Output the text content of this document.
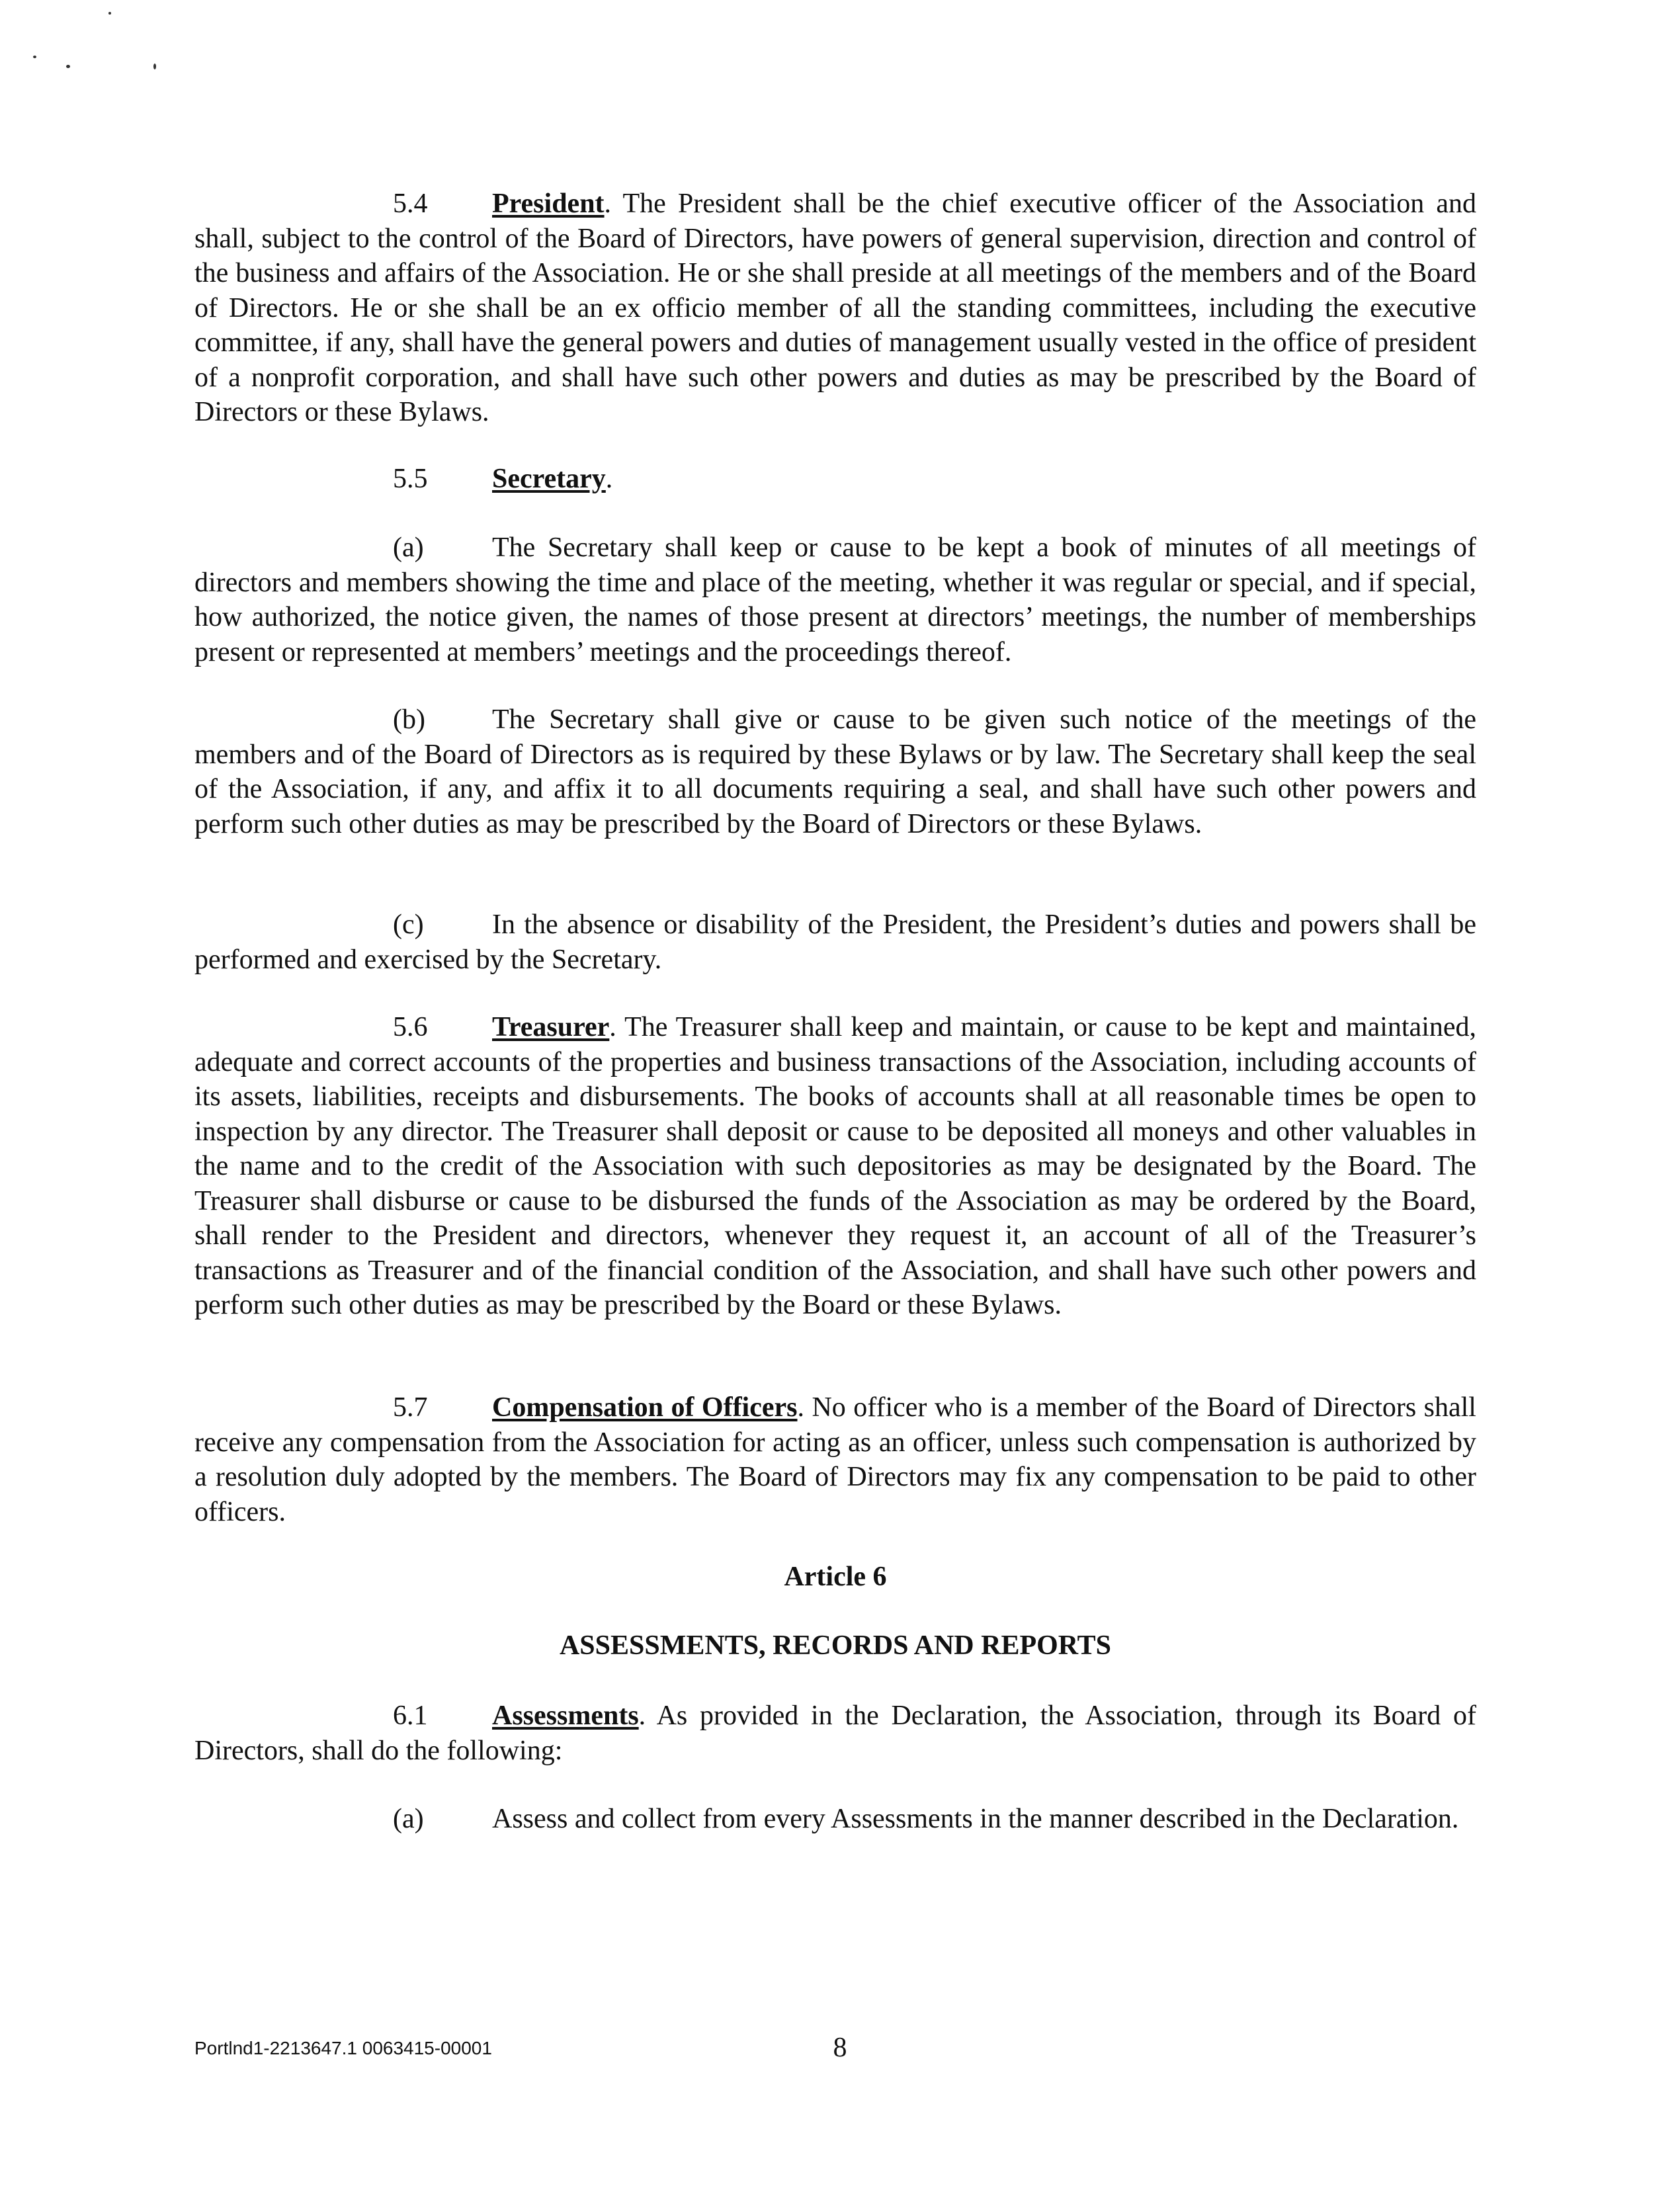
5.4 President. The President shall be the chief executive officer of the Association and shall, subject to the control of the Board of Directors, have powers of general supervision, direction and control of the business and affairs of the Association. He or she shall preside at all meetings of the members and of the Board of Directors. He or she shall be an ex officio member of all the standing committees, including the executive committee, if any, shall have the general powers and duties of management usually vested in the office of president of a nonprofit corporation, and shall have such other powers and duties as may be prescribed by the Board of Directors or these Bylaws.

5.5 Secretary.

(a) The Secretary shall keep or cause to be kept a book of minutes of all meetings of directors and members showing the time and place of the meeting, whether it was regular or special, and if special, how authorized, the notice given, the names of those present at directors’ meetings, the number of memberships present or represented at members’ meetings and the proceedings thereof.

(b) The Secretary shall give or cause to be given such notice of the meetings of the members and of the Board of Directors as is required by these Bylaws or by law. The Secretary shall keep the seal of the Association, if any, and affix it to all documents requiring a seal, and shall have such other powers and perform such other duties as may be prescribed by the Board of Directors or these Bylaws.

(c) In the absence or disability of the President, the President’s duties and powers shall be performed and exercised by the Secretary.

5.6 Treasurer. The Treasurer shall keep and maintain, or cause to be kept and maintained, adequate and correct accounts of the properties and business transactions of the Association, including accounts of its assets, liabilities, receipts and disbursements. The books of accounts shall at all reasonable times be open to inspection by any director. The Treasurer shall deposit or cause to be deposited all moneys and other valuables in the name and to the credit of the Association with such depositories as may be designated by the Board. The Treasurer shall disburse or cause to be disbursed the funds of the Association as may be ordered by the Board, shall render to the President and directors, whenever they request it, an account of all of the Treasurer’s transactions as Treasurer and of the financial condition of the Association, and shall have such other powers and perform such other duties as may be prescribed by the Board or these Bylaws.

5.7 Compensation of Officers. No officer who is a member of the Board of Directors shall receive any compensation from the Association for acting as an officer, unless such compensation is authorized by a resolution duly adopted by the members. The Board of Directors may fix any compensation to be paid to other officers.

Article 6

ASSESSMENTS, RECORDS AND REPORTS

6.1 Assessments. As provided in the Declaration, the Association, through its Board of Directors, shall do the following:

(a) Assess and collect from every Assessments in the manner described in the Declaration.

Portlnd1-2213647.1 0063415-00001	8
